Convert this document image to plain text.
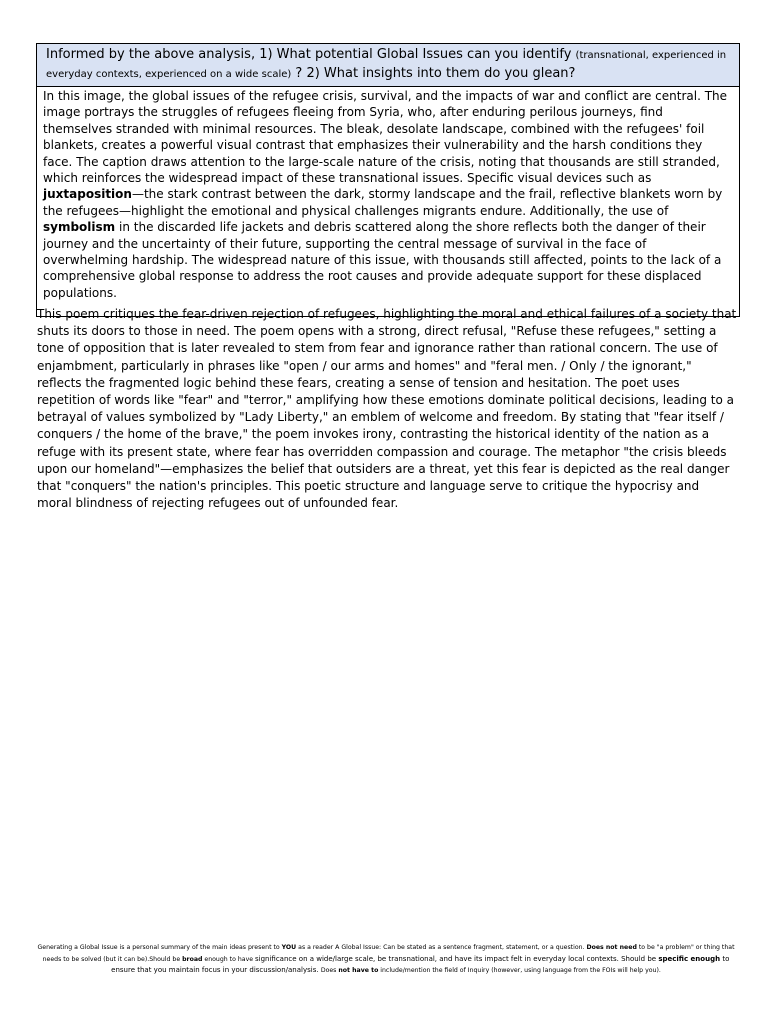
Informed by the above analysis, 1) What potential Global Issues can you identify (transnational, experienced in everyday contexts, experienced on a wide scale) ? 2) What insights into them do you glean?
In this image, the global issues of the refugee crisis, survival, and the impacts of war and conflict are central. The image portrays the struggles of refugees fleeing from Syria, who, after enduring perilous journeys, find themselves stranded with minimal resources. The bleak, desolate landscape, combined with the refugees' foil blankets, creates a powerful visual contrast that emphasizes their vulnerability and the harsh conditions they face. The caption draws attention to the large-scale nature of the crisis, noting that thousands are still stranded, which reinforces the widespread impact of these transnational issues. Specific visual devices such as juxtaposition—the stark contrast between the dark, stormy landscape and the frail, reflective blankets worn by the refugees—highlight the emotional and physical challenges migrants endure. Additionally, the use of symbolism in the discarded life jackets and debris scattered along the shore reflects both the danger of their journey and the uncertainty of their future, supporting the central message of survival in the face of overwhelming hardship. The widespread nature of this issue, with thousands still affected, points to the lack of a comprehensive global response to address the root causes and provide adequate support for these displaced populations.

This poem critiques the fear-driven rejection of refugees, highlighting the moral and ethical failures of a society that shuts its doors to those in need. The poem opens with a strong, direct refusal, "Refuse these refugees," setting a tone of opposition that is later revealed to stem from fear and ignorance rather than rational concern. The use of enjambment, particularly in phrases like "open / our arms and homes" and "feral men. / Only / the ignorant," reflects the fragmented logic behind these fears, creating a sense of tension and hesitation. The poet uses repetition of words like "fear" and "terror," amplifying how these emotions dominate political decisions, leading to a betrayal of values symbolized by "Lady Liberty," an emblem of welcome and freedom. By stating that "fear itself / conquers / the home of the brave," the poem invokes irony, contrasting the historical identity of the nation as a refuge with its present state, where fear has overridden compassion and courage. The metaphor "the crisis bleeds upon our homeland"—emphasizes the belief that outsiders are a threat, yet this fear is depicted as the real danger that "conquers" the nation's principles. This poetic structure and language serve to critique the hypocrisy and moral blindness of rejecting refugees out of unfounded fear.

Generating a Global Issue is a personal summary of the main ideas present to YOU as a reader A Global Issue: Can be stated as a sentence fragment, statement, or a question. Does not need to be "a problem" or thing that needs to be solved (but it can be).Should be broad enough to have significance on a wide/large scale, be transnational, and have its impact felt in everyday local contexts. Should be specific enough to ensure that you maintain focus in your discussion/analysis. Does not have to include/mention the field of Inquiry (however, using language from the FOIs will help you).
